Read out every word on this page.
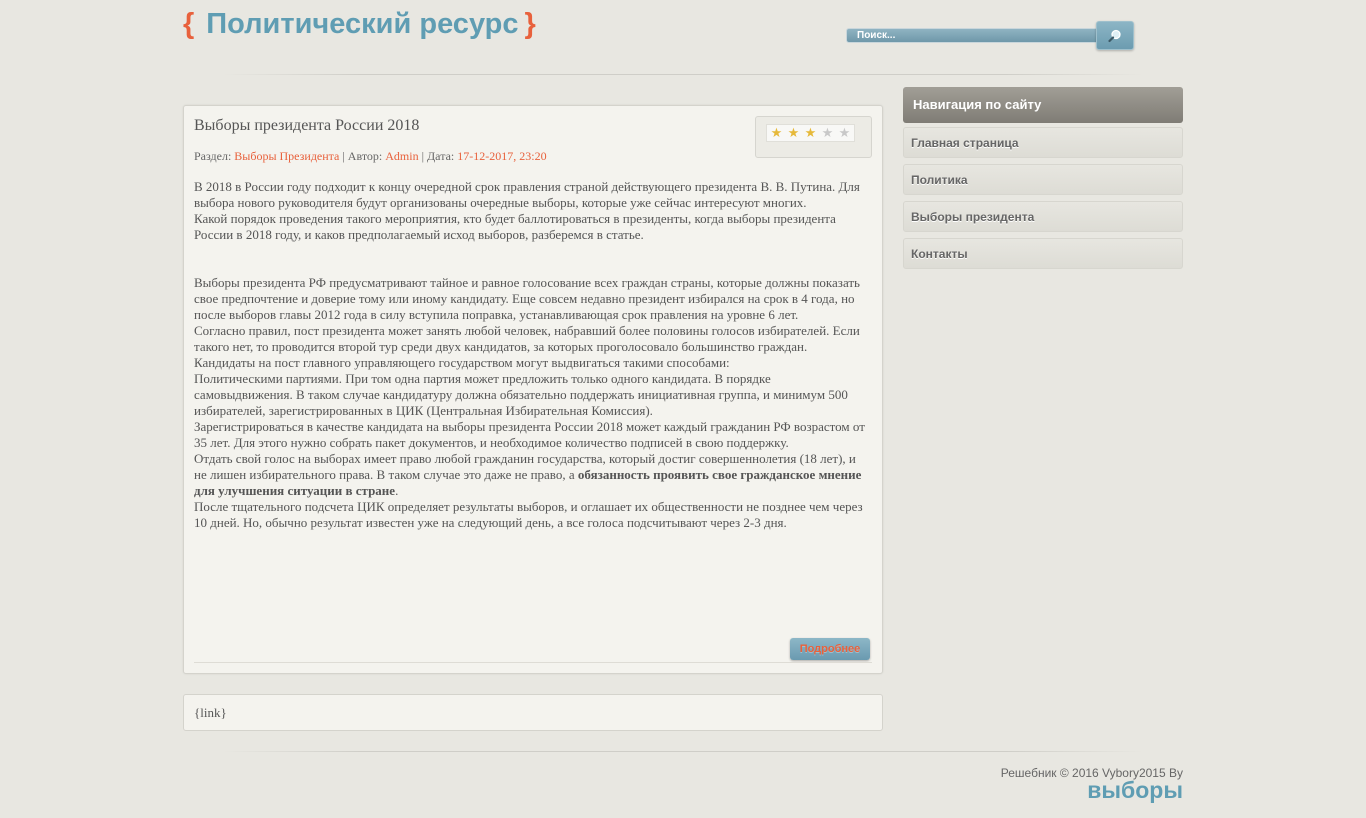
{ Политический ресурс }
Поиск...
Выборы президента России 2018	★ ★ ★ ★ ★
Раздел: Выборы Президента | Автор: Admin | Дата: 17-12-2017, 23:20

В 2018 в России году подходит к концу очередной срок правления страной действующего президента В. В. Путина. Для выбора нового руководителя будут организованы очередные выборы, которые уже сейчас интересуют многих.

Какой порядок проведения такого мероприятия, кто будет баллотироваться в президенты, когда выборы президента России в 2018 году, и каков предполагаемый исход выборов, разберемся в статье.

Выборы президента РФ предусматривают тайное и равное голосование всех граждан страны, которые должны показать свое предпочтение и доверие тому или иному кандидату. Еще совсем недавно президент избирался на срок в 4 года, но после выборов главы 2012 года в силу вступила поправка, устанавливающая срок правления на уровне 6 лет.

Согласно правил, пост президента может занять любой человек, набравший более половины голосов избирателей. Если такого нет, то проводится второй тур среди двух кандидатов, за которых проголосовало большинство граждан.

Кандидаты на пост главного управляющего государством могут выдвигаться такими способами:

Политическими партиями. При том одна партия может предложить только одного кандидата. В порядке самовыдвижения. В таком случае кандидатуру должна обязательно поддержать инициативная группа, и минимум 500 избирателей, зарегистрированных в ЦИК (Центральная Избирательная Комиссия).

Зарегистрироваться в качестве кандидата на выборы президента России 2018 может каждый гражданин РФ возрастом от 35 лет. Для этого нужно собрать пакет документов, и необходимое количество подписей в свою поддержку.

Отдать свой голос на выборах имеет право любой гражданин государства, который достиг совершеннолетия (18 лет), и не лишен избирательного права. В таком случае это даже не право, а обязанность проявить свое гражданское мнение для улучшения ситуации в стране.

После тщательного подсчета ЦИК определяет результаты выборов, и оглашает их общественности не позднее чем через 10 дней. Но, обычно результат известен уже на следующий день, а все голоса подсчитывают через 2-3 дня.

Подробнее
{link}
Навигация по сайту
Главная страница
Политика
Выборы президента
Контакты
Решебник © 2016 Vybory2015 By
выборы
